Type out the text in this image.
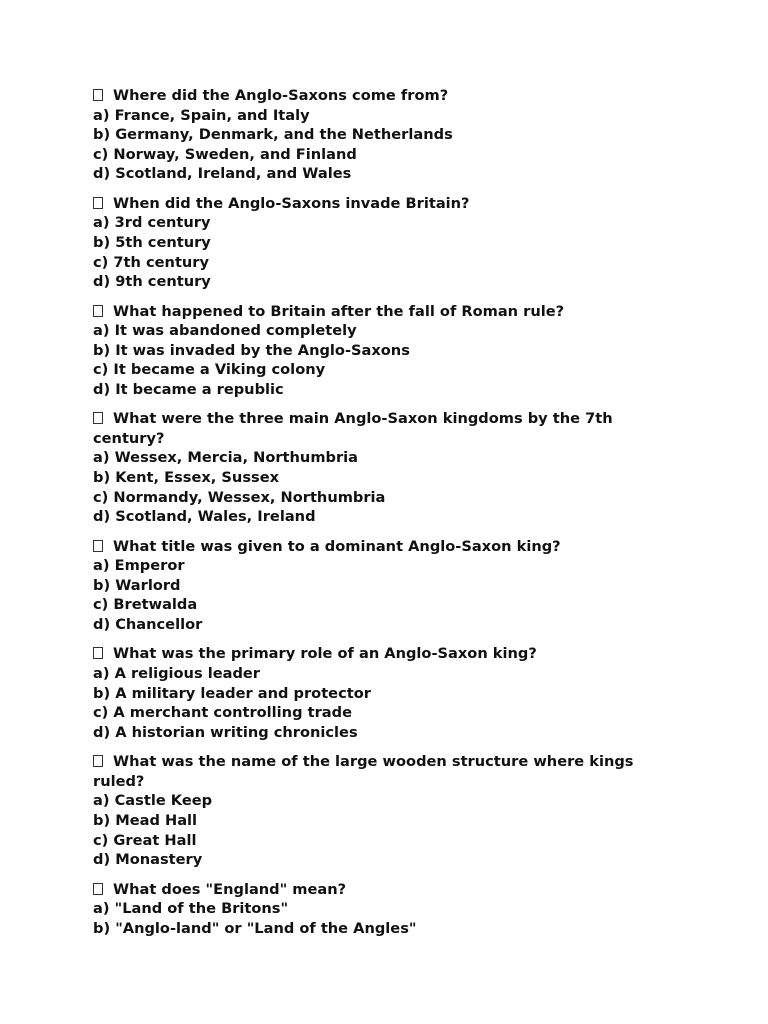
Where did the Anglo-Saxons come from?
a) France, Spain, and Italy
b) Germany, Denmark, and the Netherlands
c) Norway, Sweden, and Finland
d) Scotland, Ireland, and Wales
When did the Anglo-Saxons invade Britain?
a) 3rd century
b) 5th century
c) 7th century
d) 9th century
What happened to Britain after the fall of Roman rule?
a) It was abandoned completely
b) It was invaded by the Anglo-Saxons
c) It became a Viking colony
d) It became a republic
What were the three main Anglo-Saxon kingdoms by the 7th century?
a) Wessex, Mercia, Northumbria
b) Kent, Essex, Sussex
c) Normandy, Wessex, Northumbria
d) Scotland, Wales, Ireland
What title was given to a dominant Anglo-Saxon king?
a) Emperor
b) Warlord
c) Bretwalda
d) Chancellor
What was the primary role of an Anglo-Saxon king?
a) A religious leader
b) A military leader and protector
c) A merchant controlling trade
d) A historian writing chronicles
What was the name of the large wooden structure where kings ruled?
a) Castle Keep
b) Mead Hall
c) Great Hall
d) Monastery
What does "England" mean?
a) "Land of the Britons"
b) "Anglo-land" or "Land of the Angles"
